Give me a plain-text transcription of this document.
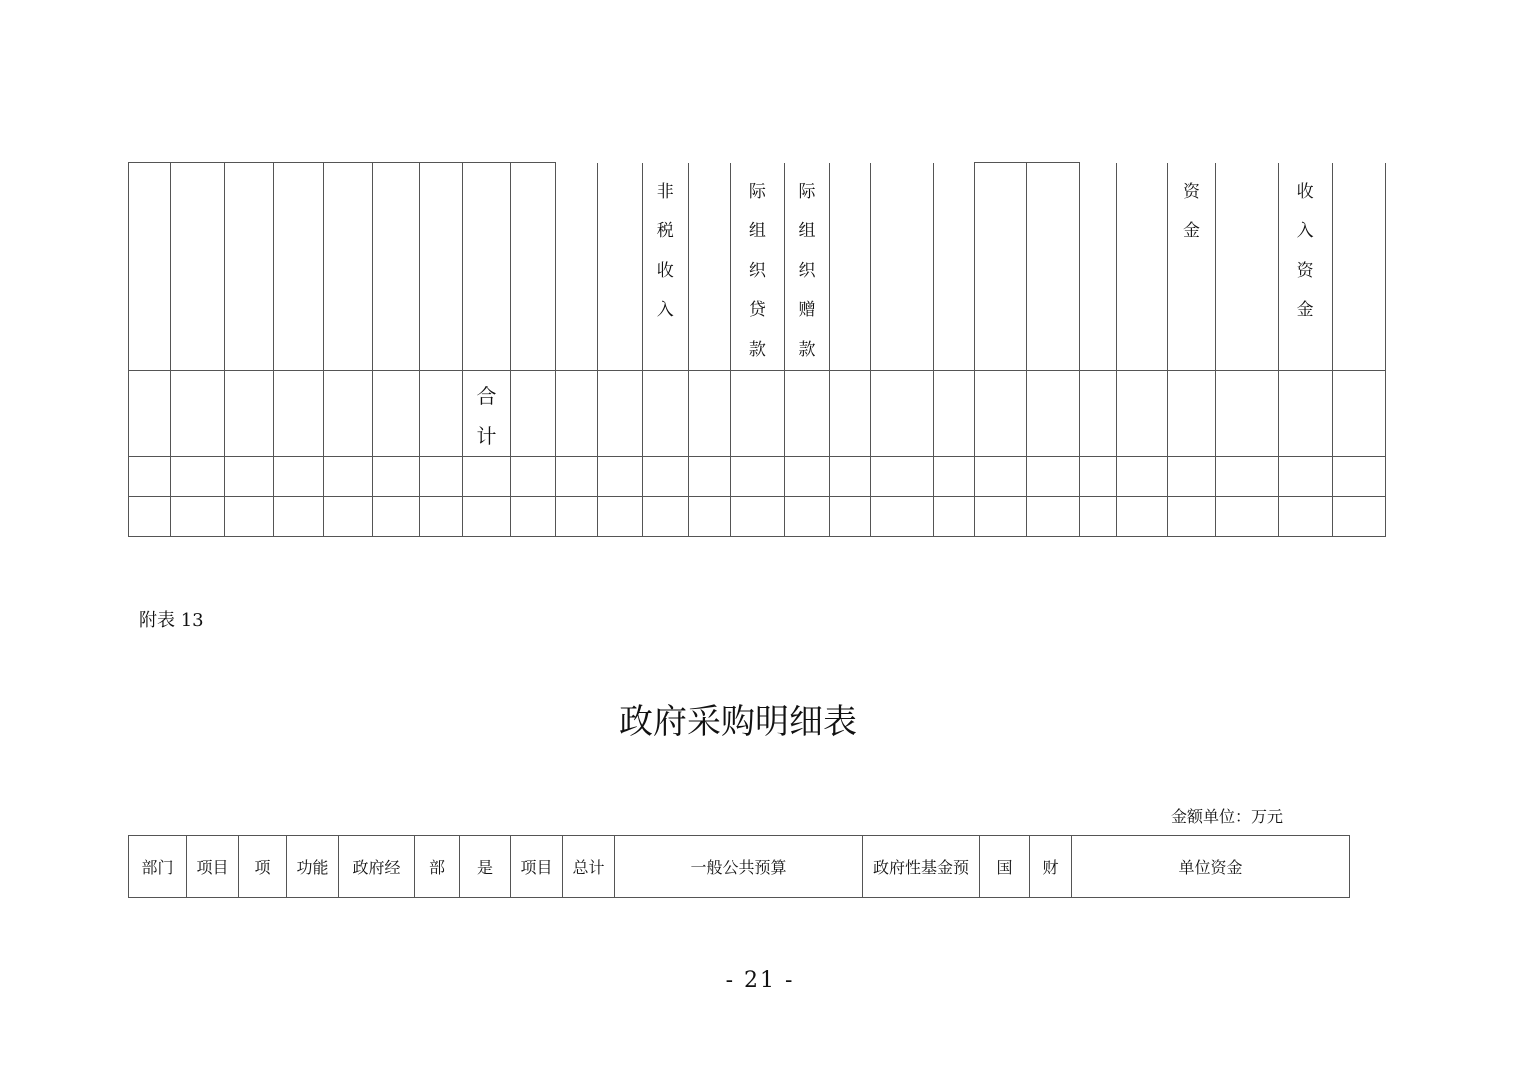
											非税收入		际组织贷款	际组织赠款								资金		收入资金	

							合计																		

附表 13
政府采购明细表
金额单位：万元
部门	项目	项	功能	政府经	部	是	项目	总计	一般公共预算	政府性基金预	国	财	单位资金
- 21 -
